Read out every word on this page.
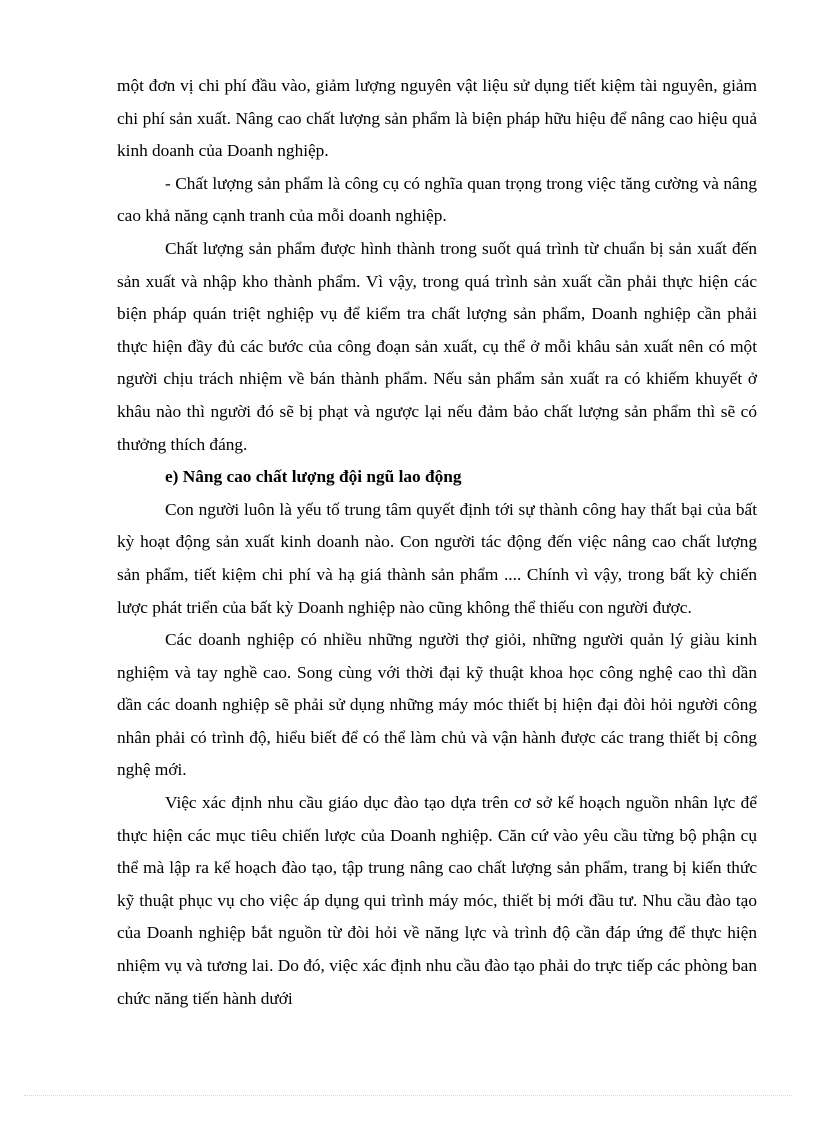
một đơn vị chi phí đầu vào, giảm lượng nguyên vật liệu sử dụng tiết kiệm tài nguyên, giảm chi phí sản xuất. Nâng cao chất lượng sản phẩm là biện pháp hữu hiệu để nâng cao hiệu quả kinh doanh của Doanh nghiệp.

- Chất lượng sản phẩm là công cụ có nghĩa quan trọng trong việc tăng cường và nâng cao khả năng cạnh tranh của mỗi doanh nghiệp.

Chất lượng sản phẩm được hình thành trong suốt quá trình từ chuẩn bị sản xuất đến sản xuất và nhập kho thành phẩm. Vì vậy, trong quá trình sản xuất cần phải thực hiện các biện pháp quán triệt nghiệp vụ để kiểm tra chất lượng sản phẩm, Doanh nghiệp cần phải thực hiện đầy đủ các bước của công đoạn sản xuất, cụ thể ở mỗi khâu sản xuất nên có một người chịu trách nhiệm về bán thành phẩm. Nếu sản phẩm sản xuất ra có khiếm khuyết ở khâu nào thì người đó sẽ bị phạt và ngược lại nếu đảm bảo chất lượng sản phẩm thì sẽ có thưởng thích đáng.

e) Nâng cao chất lượng đội ngũ lao động

Con người luôn là yếu tố trung tâm quyết định tới sự thành công hay thất bại của bất kỳ hoạt động sản xuất kinh doanh nào. Con người tác động đến việc nâng cao chất lượng sản phẩm, tiết kiệm chi phí và hạ giá thành sản phẩm .... Chính vì vậy, trong bất kỳ chiến lược phát triển của bất kỳ Doanh nghiệp nào cũng không thể thiếu con người được.

Các doanh nghiệp có nhiều những người thợ giỏi, những người quản lý giàu kinh nghiệm và tay nghề cao. Song cùng với thời đại kỹ thuật khoa học công nghệ cao thì dần dần các doanh nghiệp sẽ phải sử dụng những máy móc thiết bị hiện đại đòi hỏi người công nhân phải có trình độ, hiểu biết để có thể làm chủ và vận hành được các trang thiết bị công nghệ mới.

Việc xác định nhu cầu giáo dục đào tạo dựa trên cơ sở kế hoạch nguồn nhân lực để thực hiện các mục tiêu chiến lược của Doanh nghiệp. Căn cứ vào yêu cầu từng bộ phận cụ thể mà lập ra kế hoạch đào tạo, tập trung nâng cao chất lượng sản phẩm, trang bị kiến thức kỹ thuật phục vụ cho việc áp dụng qui trình máy móc, thiết bị mới đầu tư. Nhu cầu đào tạo của Doanh nghiệp bắt nguồn từ đòi hỏi về năng lực và trình độ cần đáp ứng để thực hiện nhiệm vụ và tương lai. Do đó, việc xác định nhu cầu đào tạo phải do trực tiếp các phòng ban chức năng tiến hành dưới
